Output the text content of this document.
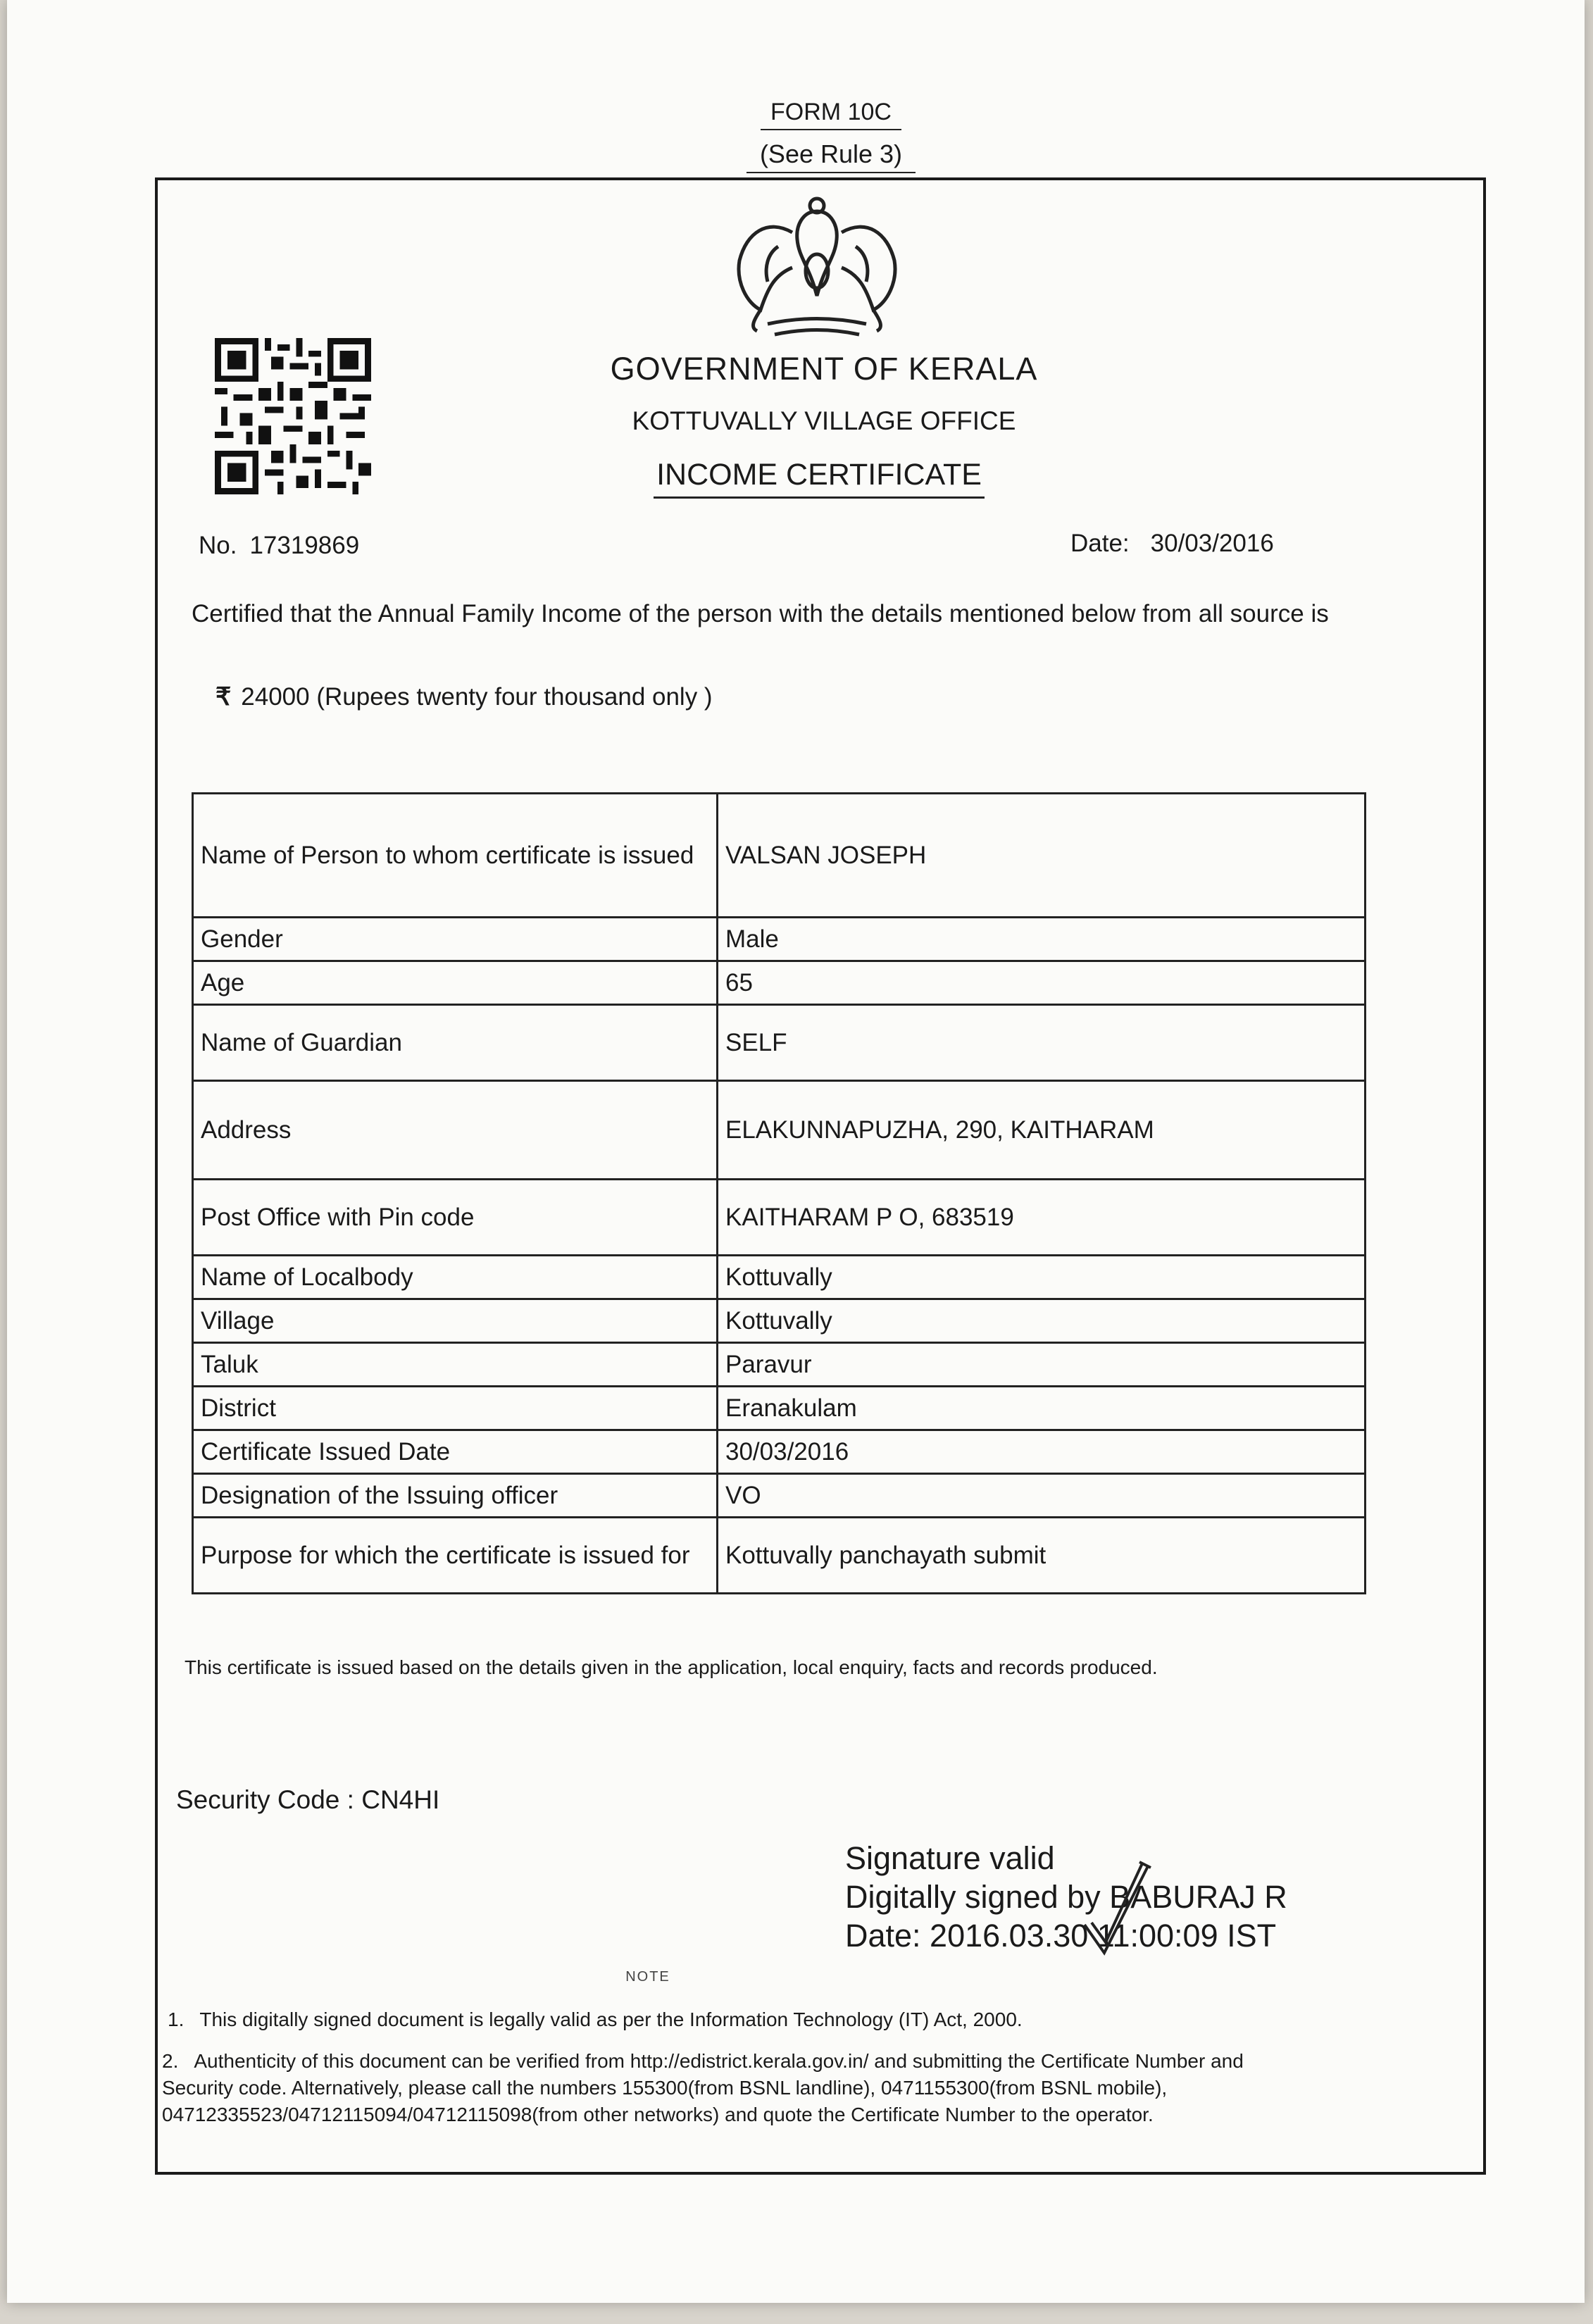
FORM 10C
(See Rule 3)
GOVERNMENT OF KERALA
KOTTUVALLY VILLAGE OFFICE
INCOME CERTIFICATE
No. 17319869	Date: 30/03/2016
Certified that the Annual Family Income of the person with the details mentioned below from all source is
₹ 24000 (Rupees twenty four thousand only )
Name of Person to whom certificate is issued	VALSAN JOSEPH
Gender	Male
Age	65
Name of Guardian	SELF
Address	ELAKUNNAPUZHA, 290, KAITHARAM
Post Office with Pin code	KAITHARAM P O, 683519
Name of Localbody	Kottuvally
Village	Kottuvally
Taluk	Paravur
District	Eranakulam
Certificate Issued Date	30/03/2016
Designation of the Issuing officer	VO
Purpose for which the certificate is issued for	Kottuvally panchayath submit
This certificate is issued based on the details given in the application, local enquiry, facts and records produced.
Security Code : CN4HI
Signature valid
Digitally signed by BABURAJ R
Date: 2016.03.30 11:00:09 IST
NOTE
1. This digitally signed document is legally valid as per the Information Technology (IT) Act, 2000.
2. Authenticity of this document can be verified from http://edistrict.kerala.gov.in/ and submitting the Certificate Number and Security code. Alternatively, please call the numbers 155300(from BSNL landline), 0471155300(from BSNL mobile), 04712335523/04712115094/04712115098(from other networks) and quote the Certificate Number to the operator.
